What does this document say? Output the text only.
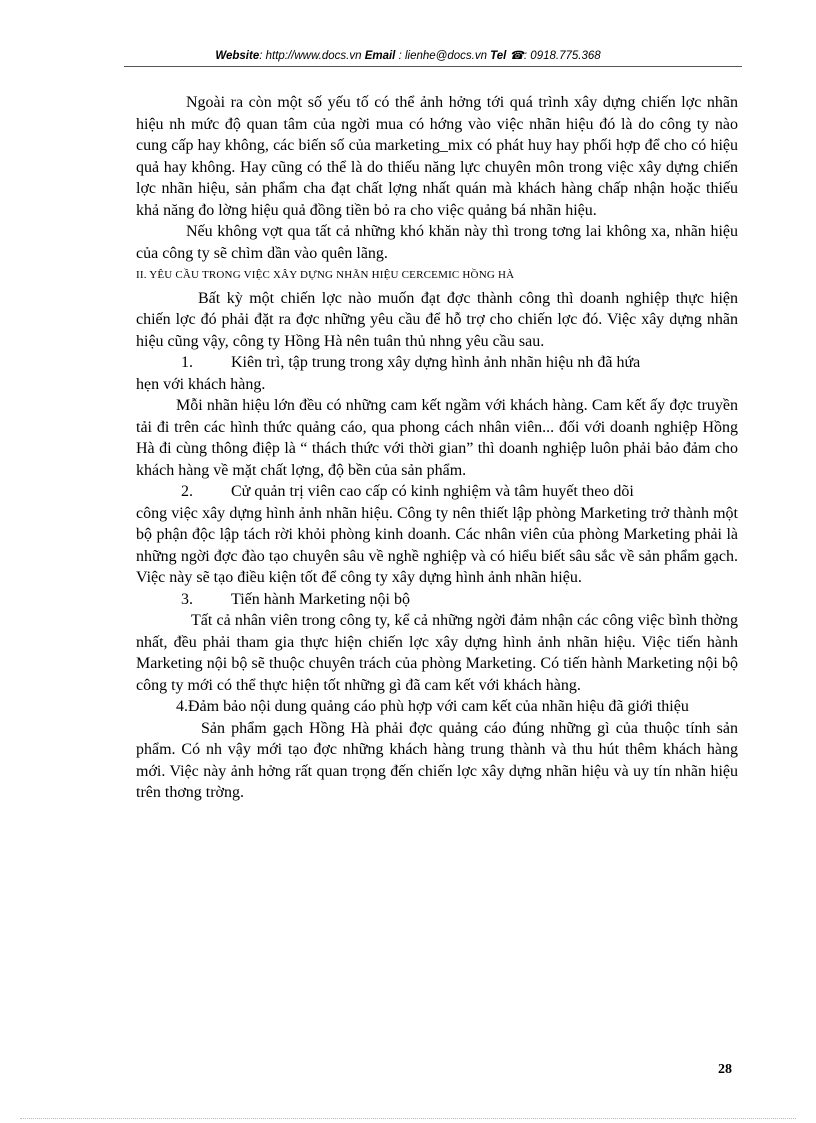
Website: http://www.docs.vn Email : lienhe@docs.vn Tel ☎: 0918.775.368

Ngoài ra còn một số yếu tố có thể ảnh hởng tới quá trình xây dựng chiến lợc nhãn hiệu nh mức độ quan tâm của ngời mua có hớng vào việc nhãn hiệu đó là do công ty nào cung cấp hay không, các biến số của marketing_mix có phát huy hay phối hợp để cho có hiệu quả hay không. Hay cũng có thể là do thiếu năng lực chuyên môn trong việc xây dựng chiến lợc nhãn hiệu, sản phẩm cha đạt chất lợng nhất quán mà khách hàng chấp nhận hoặc thiếu khả năng đo lờng hiệu quả đồng tiền bỏ ra cho việc quảng bá nhãn hiệu.

Nếu không vợt qua tất cả những khó khăn này thì trong tơng lai không xa, nhãn hiệu của công ty sẽ chìm dần vào quên lãng.

II. YÊU CẦU TRONG VIỆC XÂY DỰNG NHÃN HIỆU CERCEMIC HỒNG HÀ

Bất kỳ một chiến lợc nào muốn đạt đợc thành công thì doanh nghiệp thực hiện chiến lợc đó phải đặt ra đợc những yêu cầu để hỗ trợ cho chiến lợc đó. Việc xây dựng nhãn hiệu cũng vậy, công ty Hồng Hà nên tuân thủ nhng yêu cầu sau.

1.	Kiên trì, tập trung trong xây dựng hình ảnh nhãn hiệu nh đã hứa

hẹn với khách hàng.

Mỗi nhãn hiệu lớn đều có những cam kết ngầm với khách hàng. Cam kết ấy đợc truyền tải đi trên các hình thức quảng cáo, qua phong cách nhân viên... đối với doanh nghiệp Hồng Hà đi cùng thông điệp là “ thách thức với thời gian” thì doanh nghiệp luôn phải bảo đảm cho khách hàng về mặt chất lợng, độ bền của sản phẩm.

2.	Cử quản trị viên cao cấp có kinh nghiệm và tâm huyết theo dõi

công việc xây dựng hình ảnh nhãn hiệu. Công ty nên thiết lập phòng Marketing trở thành một bộ phận độc lập tách rời khỏi phòng kinh doanh. Các nhân viên của phòng Marketing phải là những ngời đợc đào tạo chuyên sâu về nghề nghiệp và có hiểu biết sâu sắc về sản phẩm gạch. Việc này sẽ tạo điều kiện tốt để công ty xây dựng hình ảnh nhãn hiệu.

3.	Tiến hành Marketing nội bộ

Tất cả nhân viên trong công ty, kể cả những ngời đảm nhận các công việc bình thờng nhất, đều phải tham gia thực hiện chiến lợc xây dựng hình ảnh nhãn hiệu. Việc tiến hành Marketing nội bộ sẽ thuộc chuyên trách của phòng Marketing. Có tiến hành Marketing nội bộ công ty mới có thể thực hiện tốt những gì đã cam kết với khách hàng.

4.Đảm bảo nội dung quảng cáo phù hợp với cam kết của nhãn hiệu đã giới thiệu

Sản phẩm gạch Hồng Hà phải đợc quảng cáo đúng những gì của thuộc tính sản phẩm. Có nh vậy mới tạo đợc những khách hàng trung thành và thu hút thêm khách hàng mới. Việc này ảnh hởng rất quan trọng đến chiến lợc xây dựng nhãn hiệu và uy tín nhãn hiệu trên thơng trờng.

28
